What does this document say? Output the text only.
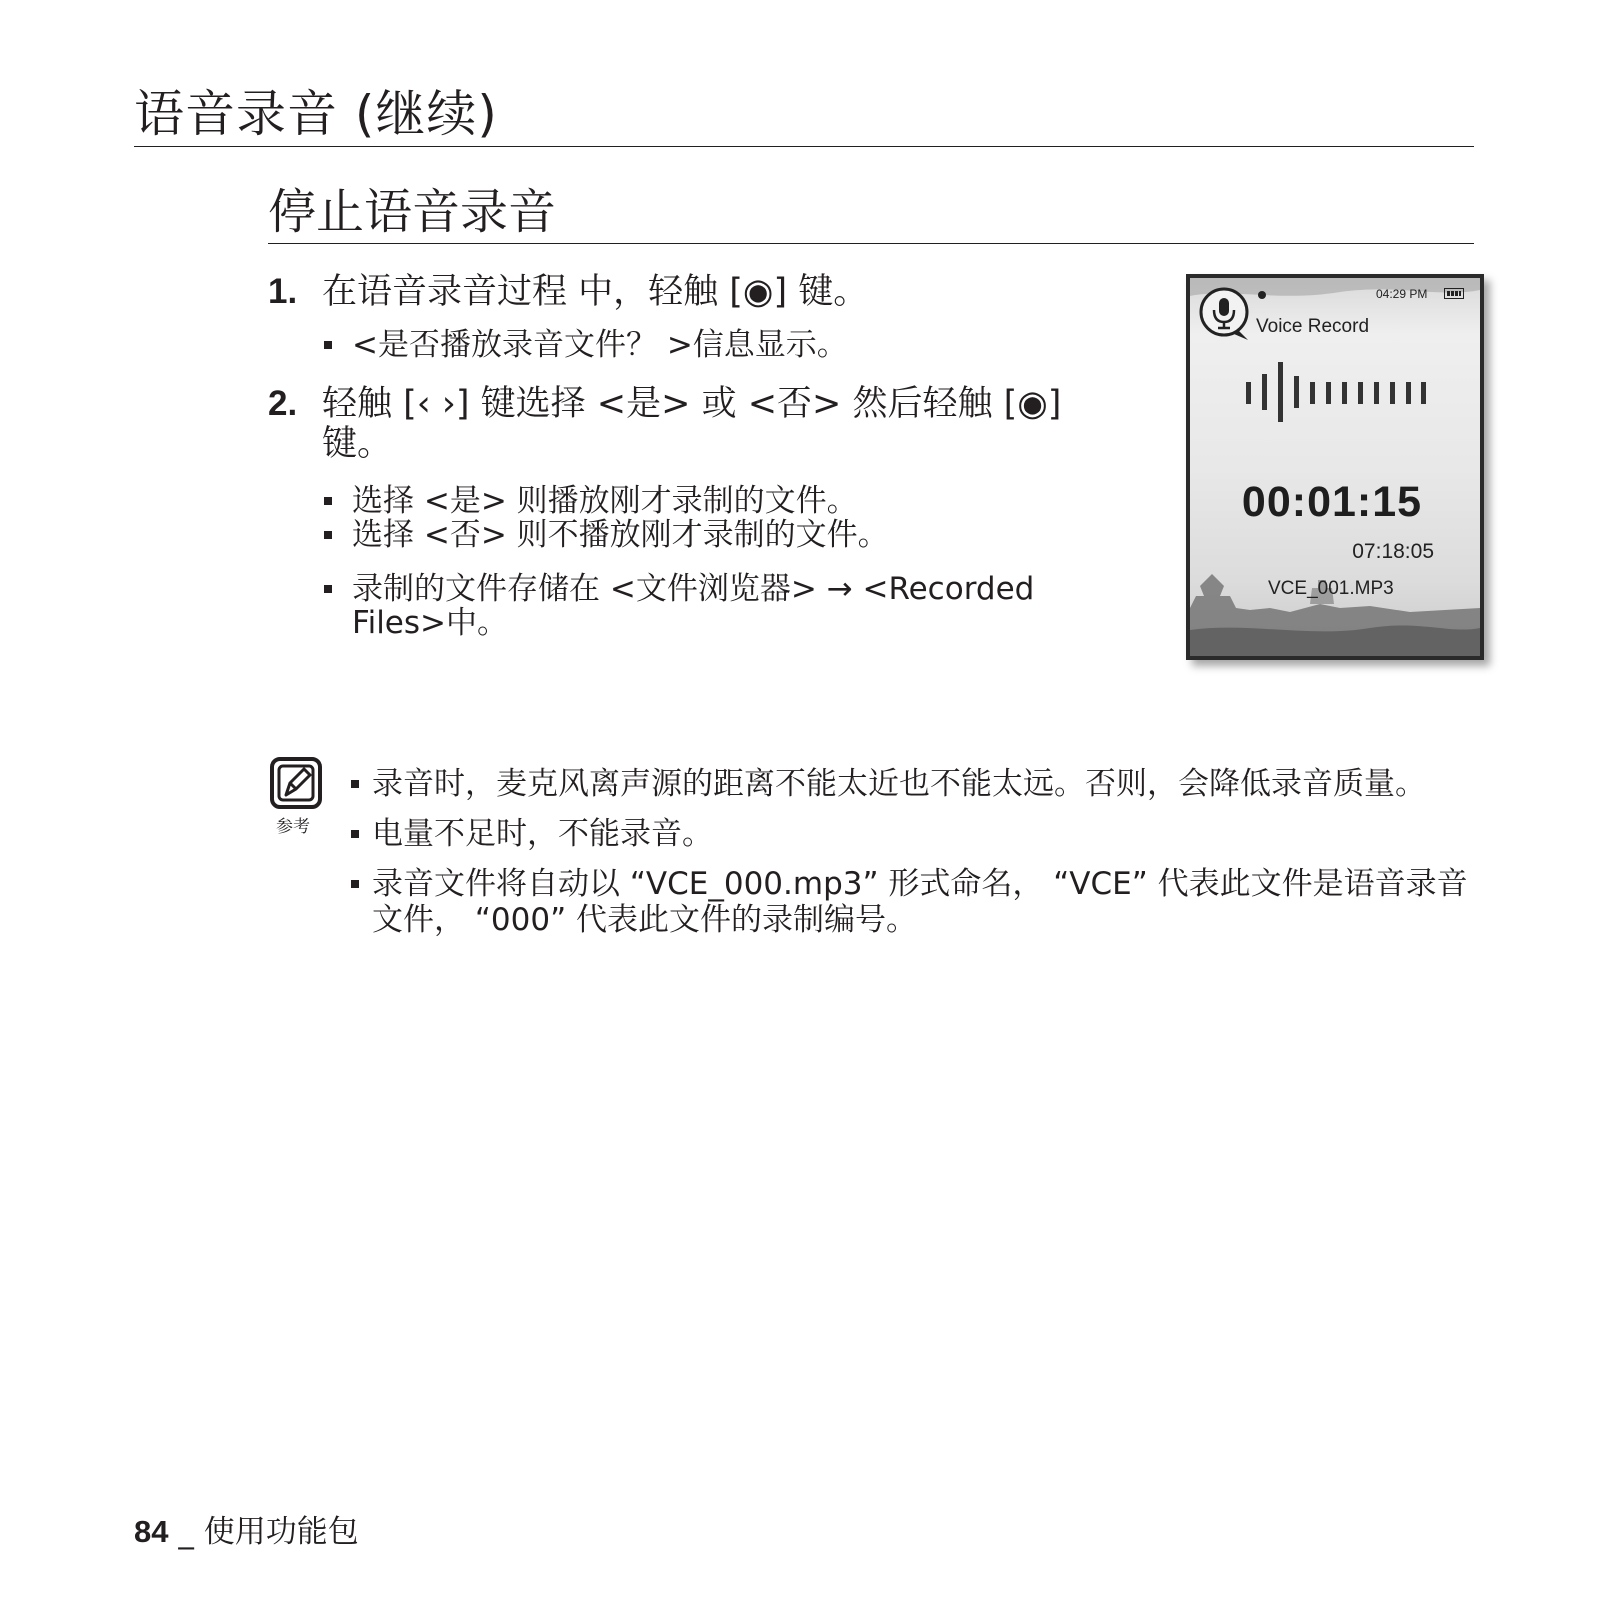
语音录音 (继续)
停止语音录音
1. 在语音录音过程 中，轻触 [◉] 键。
<是否播放录音文件？ >信息显示。
2. 轻触 [‹ ›] 键选择 <是> 或 <否> 然后轻触 [◉] 键。
选择 <是> 则播放刚才录制的文件。
选择 <否> 则不播放刚才录制的文件。
录制的文件存储在 <文件浏览器> → <Recorded Files>中。
04:29 PM
Voice Record
00:01:15
07:18:05
VCE_001.MP3
参考
录音时，麦克风离声源的距离不能太近也不能太远。否则，会降低录音质量。
电量不足时，不能录音。
录音文件将自动以 “VCE_000.mp3” 形式命名， “VCE” 代表此文件是语音录音文件， “000” 代表此文件的录制编号。
84 _ 使用功能包
